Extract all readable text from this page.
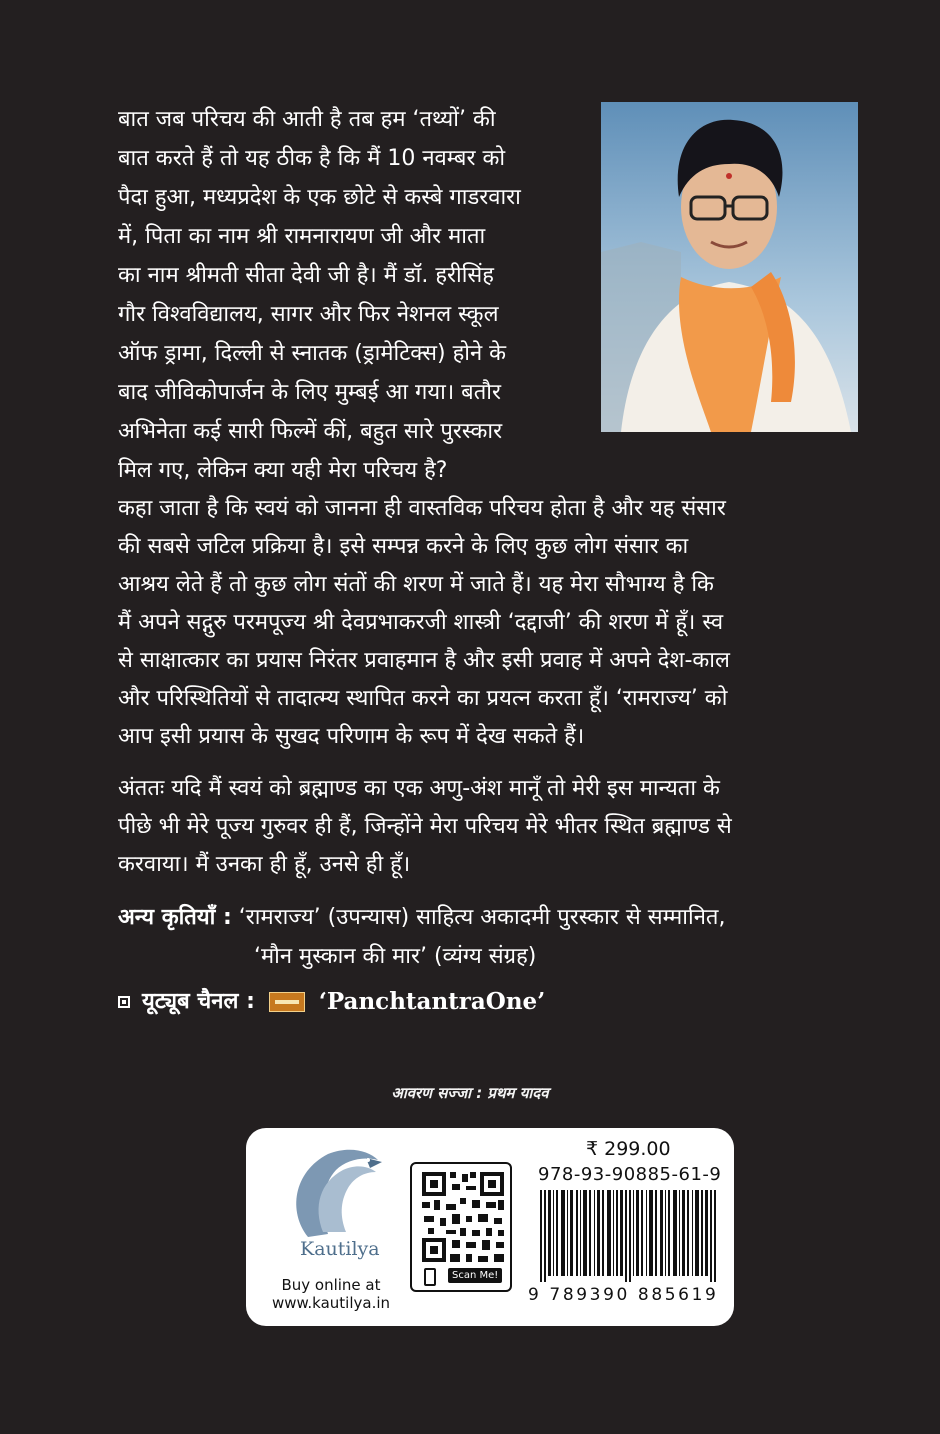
बात जब परिचय की आती है तब हम ‘तथ्यों’ की
बात करते हैं तो यह ठीक है कि मैं 10 नवम्बर को
पैदा हुआ, मध्यप्रदेश के एक छोटे से कस्बे गाडरवारा
में, पिता का नाम श्री रामनारायण जी और माता
का नाम श्रीमती सीता देवी जी है। मैं डॉ. हरीसिंह
गौर विश्वविद्यालय, सागर और फिर नेशनल स्कूल
ऑफ ड्रामा, दिल्ली से स्नातक (ड्रामेटिक्स) होने के
बाद जीविकोपार्जन के लिए मुम्बई आ गया। बतौर
अभिनेता कई सारी फिल्में कीं, बहुत सारे पुरस्कार
मिल गए, लेकिन क्या यही मेरा परिचय है?
कहा जाता है कि स्वयं को जानना ही वास्तविक परिचय होता है और यह संसार
की सबसे जटिल प्रक्रिया है। इसे सम्पन्न करने के लिए कुछ लोग संसार का
आश्रय लेते हैं तो कुछ लोग संतों की शरण में जाते हैं। यह मेरा सौभाग्य है कि
मैं अपने सद्गुरु परमपूज्य श्री देवप्रभाकरजी शास्त्री ‘दद्दाजी’ की शरण में हूँ। स्व
से साक्षात्कार का प्रयास निरंतर प्रवाहमान है और इसी प्रवाह में अपने देश-काल
और परिस्थितियों से तादात्म्य स्थापित करने का प्रयत्न करता हूँ। ‘रामराज्य’ को
आप इसी प्रयास के सुखद परिणाम के रूप में देख सकते हैं।
अंततः यदि मैं स्वयं को ब्रह्माण्ड का एक अणु-अंश मानूँ तो मेरी इस मान्यता के
पीछे भी मेरे पूज्य गुरुवर ही हैं, जिन्होंने मेरा परिचय मेरे भीतर स्थित ब्रह्माण्ड से
करवाया। मैं उनका ही हूँ, उनसे ही हूँ।
अन्य कृतियाँ : ‘रामराज्य’ (उपन्यास) साहित्य अकादमी पुरस्कार से सम्मानित,
‘मौन मुस्कान की मार’ (व्यंग्य संग्रह)
यूट्यूब चैनल :	‘PanchtantraOne’
आवरण सज्जा : प्रथम यादव
Kautilya
Buy online at
www.kautilya.in
Scan Me!
₹ 299.00
978-93-90885-61-9
9 789390 885619
